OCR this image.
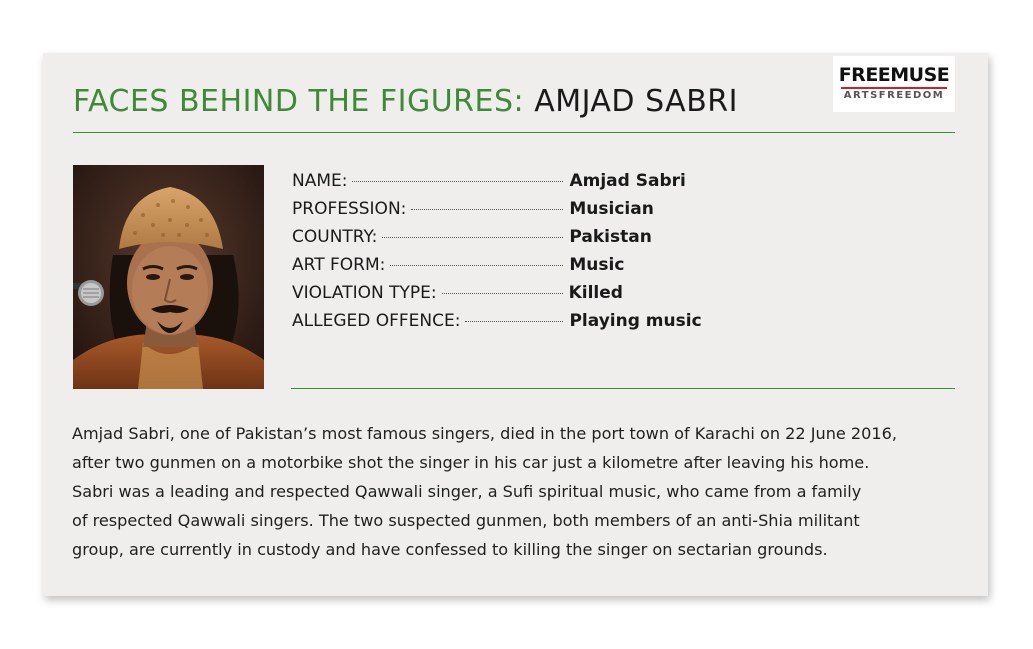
FACES BEHIND THE FIGURES: AMJAD SABRI
FREEMUSE
ARTSFREEDOM
NAME:	Amjad Sabri
PROFESSION:	Musician
COUNTRY:	Pakistan
ART FORM:	Music
VIOLATION TYPE:	Killed
ALLEGED OFFENCE:	Playing music
Amjad Sabri, one of Pakistan’s most famous singers, died in the port town of Karachi on 22 June 2016,
after two gunmen on a motorbike shot the singer in his car just a kilometre after leaving his home.
Sabri was a leading and respected Qawwali singer, a Sufi spiritual music, who came from a family
of respected Qawwali singers. The two suspected gunmen, both members of an anti-Shia militant
group, are currently in custody and have confessed to killing the singer on sectarian grounds.
